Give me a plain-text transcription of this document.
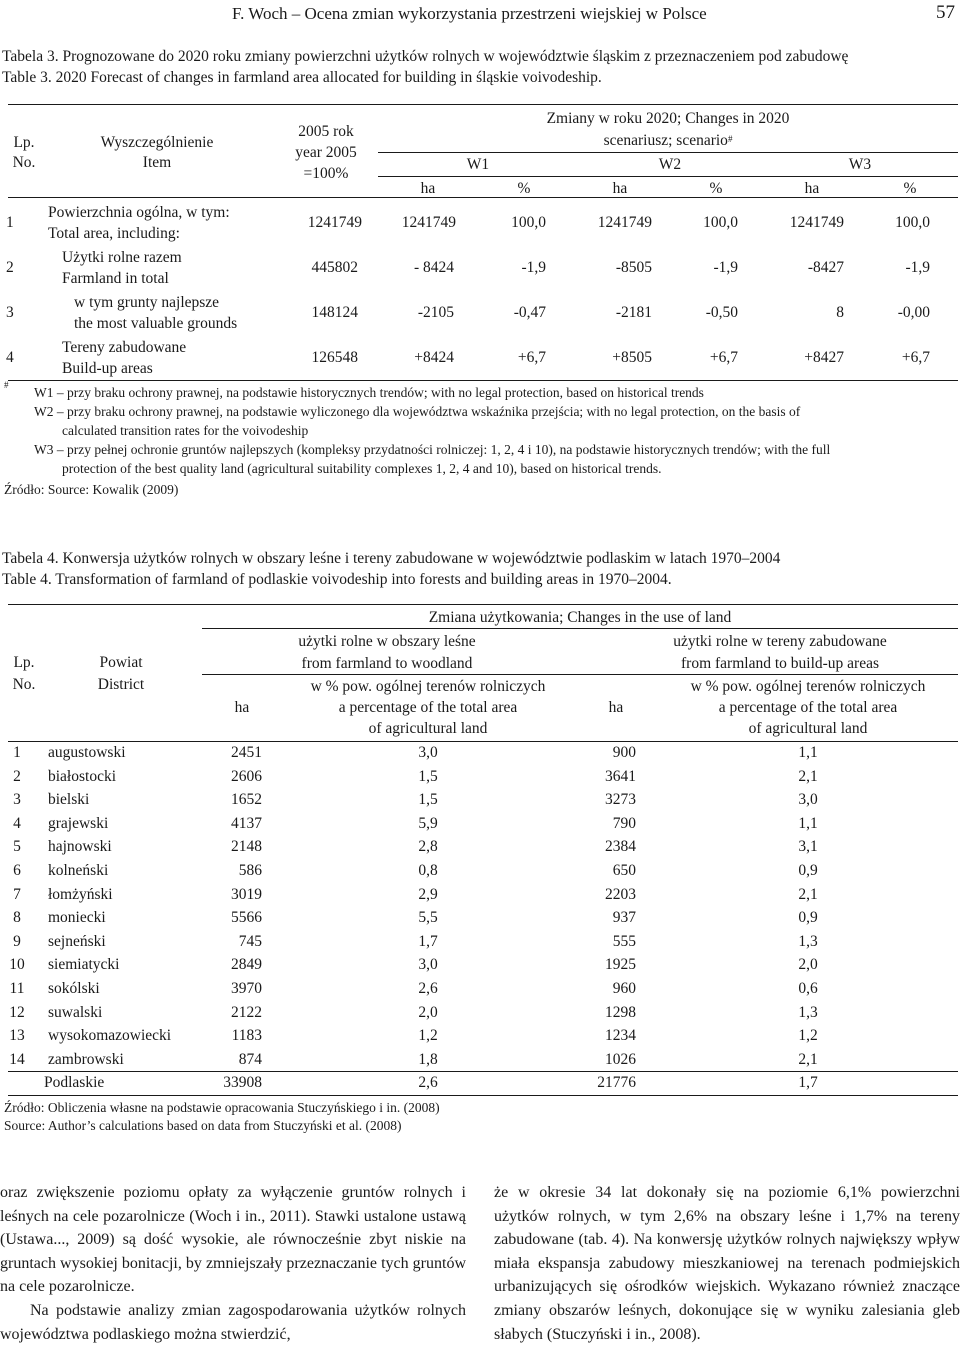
F. Woch – Ocena zmian wykorzystania przestrzeni wiejskiej w Polsce	57
Tabela 3. Prognozowane do 2020 roku zmiany powierzchni użytków rolnych w województwie śląskim z przeznaczeniem pod zabudowę
Table 3. 2020 Forecast of changes in farmland area allocated for building in śląskie voivodeship.
Lp.
No.
Wyszczególnienie
Item
2005 rok
year 2005
=100%
Zmiany w roku 2020; Changes in 2020
scenariusz; scenario#
W1	W2	W3
ha	%	ha	%	ha	%
1
Powierzchnia ogólna, w tym:
Total area, including:
1241749	1241749	100,0	1241749	100,0	1241749	100,0
2
Użytki rolne razem
Farmland in total
445802	- 8424	-1,9	-8505	-1,9	-8427	-1,9
3
w tym grunty najlepsze
the most valuable grounds
148124	-2105	-0,47	-2181	-0,50	8	-0,00
4
Tereny zabudowane
Build-up areas
126548	+8424	+6,7	+8505	+6,7	+8427	+6,7
# W1 – przy braku ochrony prawnej, na podstawie historycznych trendów; with no legal protection, based on historical trends
W2 – przy braku ochrony prawnej, na podstawie wyliczonego dla województwa wskaźnika przejścia; with no legal protection, on the basis of
calculated transition rates for the voivodeship
W3 – przy pełnej ochronie gruntów najlepszych (kompleksy przydatności rolniczej: 1, 2, 4 i 10), na podstawie historycznych trendów; with the full
protection of the best quality land (agricultural suitability complexes 1, 2, 4 and 10), based on historical trends.
Źródło: Source: Kowalik (2009)
Tabela 4. Konwersja użytków rolnych w obszary leśne i tereny zabudowane w województwie podlaskim w latach 1970–2004
Table 4. Transformation of farmland of podlaskie voivodeship into forests and building areas in 1970–2004.
Lp.
No.
Powiat
District
Zmiana użytkowania; Changes in the use of land
użytki rolne w obszary leśne
from farmland to woodland
użytki rolne w tereny zabudowane
from farmland to build-up areas
ha
w % pow. ogólnej terenów rolniczych
a percentage of the total area
of agricultural land
ha
w % pow. ogólnej terenów rolniczych
a percentage of the total area
of agricultural land
1	augustowski	2451	3,0	900	1,1
2	białostocki	2606	1,5	3641	2,1
3	bielski	1652	1,5	3273	3,0
4	grajewski	4137	5,9	790	1,1
5	hajnowski	2148	2,8	2384	3,1
6	kolneński	586	0,8	650	0,9
7	łomżyński	3019	2,9	2203	2,1
8	moniecki	5566	5,5	937	0,9
9	sejneński	745	1,7	555	1,3
10	siemiatycki	2849	3,0	1925	2,0
11	sokólski	3970	2,6	960	0,6
12	suwalski	2122	2,0	1298	1,3
13	wysokomazowiecki	1183	1,2	1234	1,2
14	zambrowski	874	1,8	1026	2,1
Podlaskie	33908	2,6	21776	1,7
Źródło: Obliczenia własne na podstawie opracowania Stuczyńskiego i in. (2008)
Source: Author’s calculations based on data from Stuczyński et al. (2008)

oraz zwiększenie poziomu opłaty za wyłączenie gruntów rolnych i leśnych na cele pozarolnicze (Woch i in., 2011). Stawki ustalone ustawą (Ustawa..., 2009) są dość wysokie, ale równocześnie zbyt niskie na gruntach wysokiej bonitacji, by zmniejszały przeznaczanie tych gruntów na cele pozarolnicze.

Na podstawie analizy zmian zagospodarowania użytków rolnych województwa podlaskiego można stwierdzić,

że w okresie 34 lat dokonały się na poziomie 6,1% powierzchni użytków rolnych, w tym 2,6% na obszary leśne i 1,7% na tereny zabudowane (tab. 4). Na konwersję użytków rolnych największy wpływ miała ekspansja zabudowy mieszkaniowej na terenach podmiejskich urbanizujących się ośrodków wiejskich. Wykazano również znaczące zmiany obszarów leśnych, dokonujące się w wyniku zalesiania gleb słabych (Stuczyński i in., 2008).
